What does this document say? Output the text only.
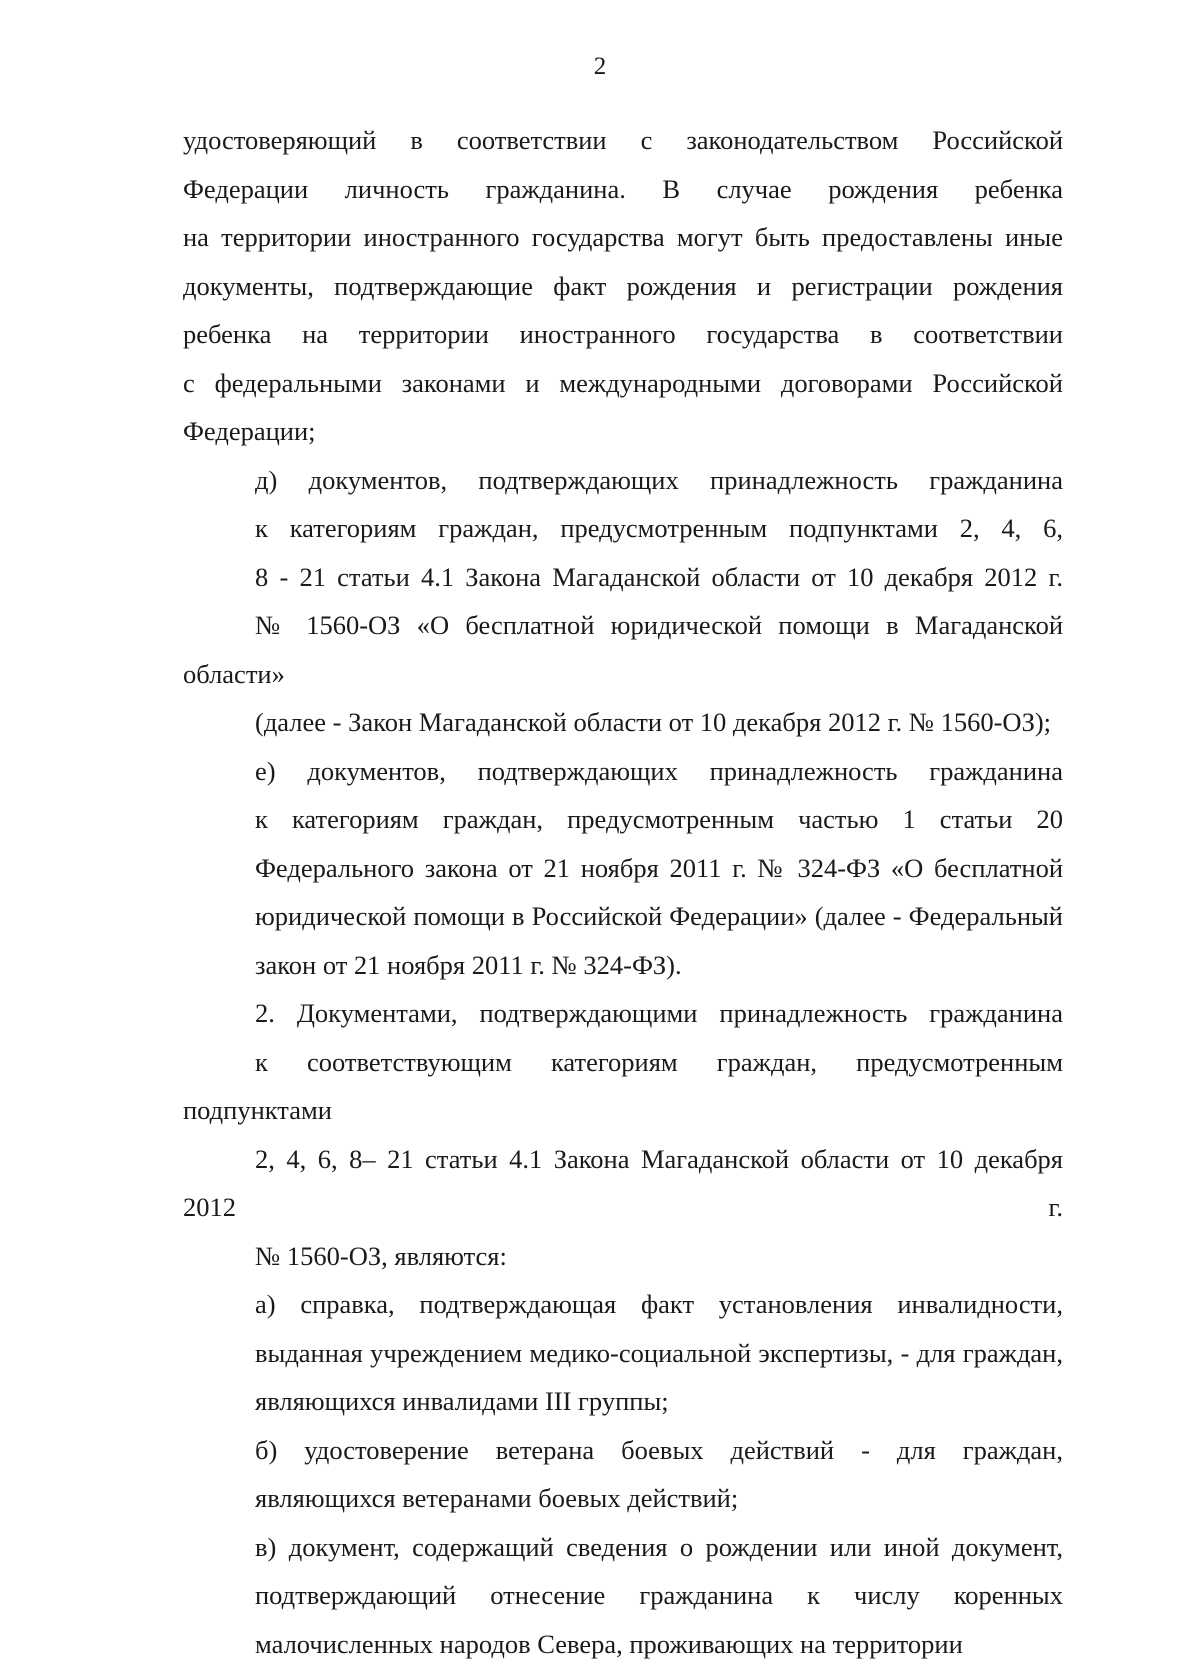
2

удостоверяющий в соответствии с законодательством Российской
Федерации личность гражданина. В случае рождения ребенка
на территории иностранного государства могут быть предоставлены иные
документы, подтверждающие факт рождения и регистрации рождения
ребенка на территории иностранного государства в соответствии
с федеральными законами и международными договорами Российской
Федерации;

д) документов, подтверждающих принадлежность гражданина
к категориям граждан, предусмотренным подпунктами 2, 4, 6,
8 - 21 статьи 4.1 Закона Магаданской области от 10 декабря 2012 г.
№ 1560-ОЗ «О бесплатной юридической помощи в Магаданской области»
(далее - Закон Магаданской области от 10 декабря 2012 г. № 1560-ОЗ);

е) документов, подтверждающих принадлежность гражданина
к категориям граждан, предусмотренным частью 1 статьи 20
Федерального закона от 21 ноября 2011 г. № 324-ФЗ «О бесплатной
юридической помощи в Российской Федерации» (далее - Федеральный
закон от 21 ноября 2011 г. № 324-ФЗ).

2. Документами, подтверждающими принадлежность гражданина
к соответствующим категориям граждан, предусмотренным подпунктами
2, 4, 6, 8– 21 статьи 4.1 Закона Магаданской области от 10 декабря 2012 г.
№ 1560-ОЗ, являются:

а) справка, подтверждающая факт установления инвалидности,
выданная учреждением медико-социальной экспертизы, - для граждан,
являющихся инвалидами III группы;

б) удостоверение ветерана боевых действий - для граждан,
являющихся ветеранами боевых действий;

в) документ, содержащий сведения о рождении или иной документ,
подтверждающий отнесение гражданина к числу коренных
малочисленных народов Севера, проживающих на территории
